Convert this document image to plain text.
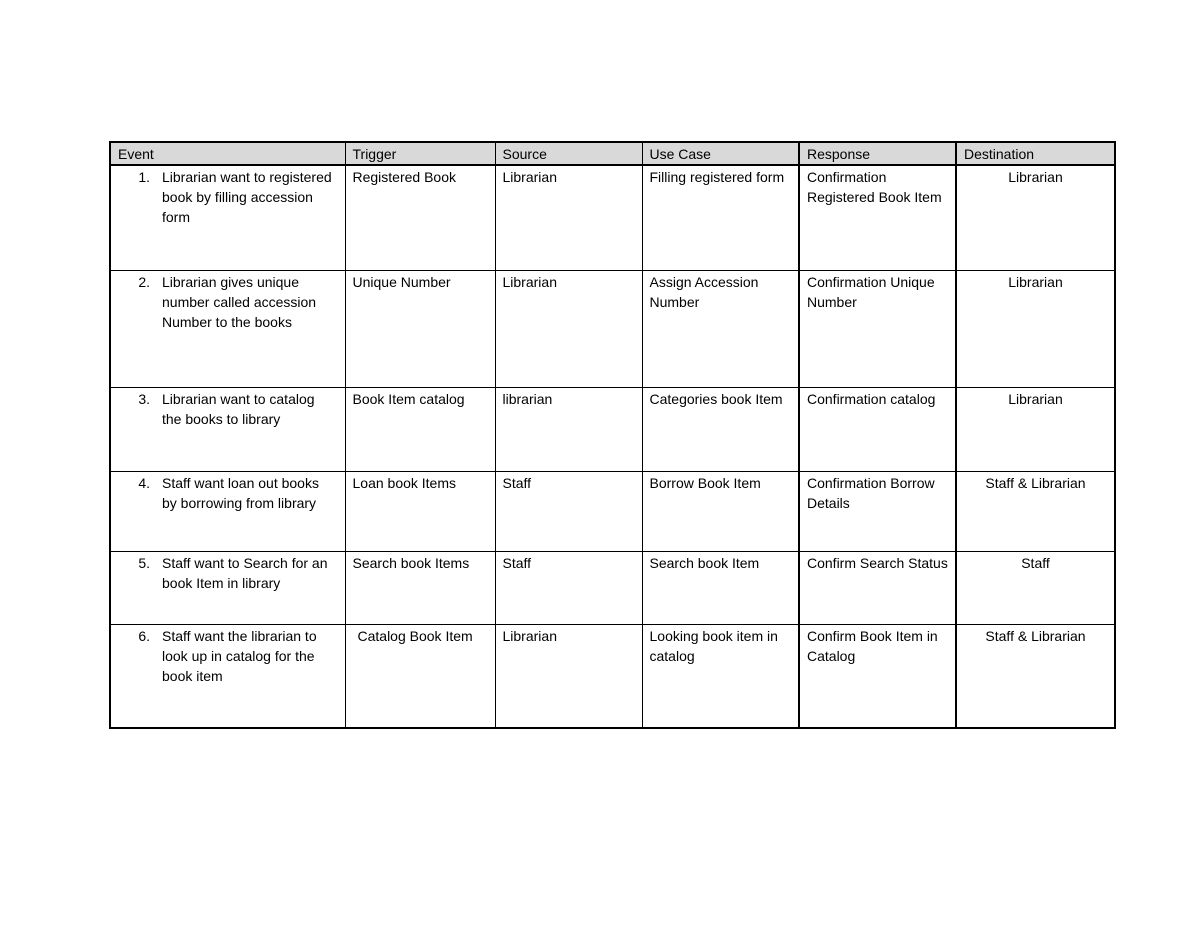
Event	Trigger	Source	Use Case	Response	Destination

1. Librarian want to registered book by filling accession form	Registered Book	Librarian	Filling registered form	Confirmation Registered Book Item	Librarian

2. Librarian gives unique number called accession Number to the books	Unique Number	Librarian	Assign Accession Number	Confirmation Unique Number	Librarian

3. Librarian want to catalog the books to library	Book Item catalog	librarian	Categories book Item	Confirmation catalog	Librarian

4. Staff want loan out books by borrowing from library	Loan book Items	Staff	Borrow Book Item	Confirmation Borrow Details	Staff & Librarian

5. Staff want to Search for an book Item in library	Search book Items	Staff	Search book Item	Confirm Search Status	Staff

6. Staff want the librarian to look up in catalog for the book item	Catalog Book Item	Librarian	Looking book item in catalog	Confirm Book Item in Catalog	Staff & Librarian
